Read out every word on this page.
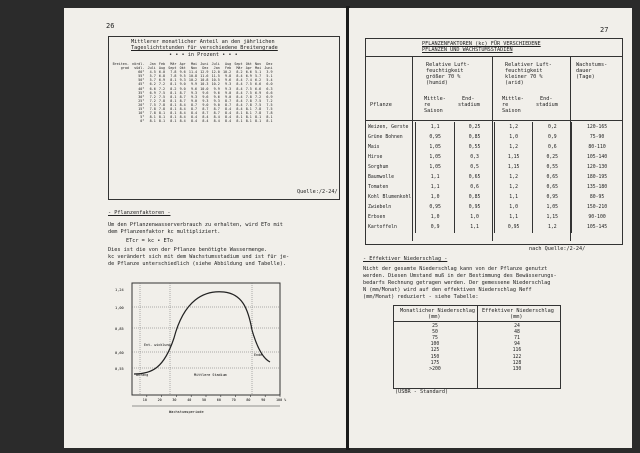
26
Mittlerer monatlicher Anteil an den jährlichen
Tageslichtstunden für verschiedene Breitengrade
• • • in Prozent • • •
Breiten-	nördl.	Jan	Feb	Mär	Apr	Mai	Juni	Juli	Aug	Sept	Okt	Nov	Dez
grad	südl.	Juli	Aug	Sept	Okt	Nov	Dez	Jan	Feb	Mär	Apr	Mai	Juni
	60°	4.5	6.0	7.8	9.6	11.4	12.9	12.0	10.2	8.2	6.6	5.1	3.9
	55°	5.7	6.8	7.8	9.5	10.8	11.6	11.5	9.8	8.4	6.9	5.7	5.1
	50°	5.7	6.9	8.1	9.3	10.2	10.8	10.5	9.6	8.4	7.4	6.2	5.4
	45°	6.2	7.2	8.1	9.0	9.9	10.3	10.2	9.3	8.4	7.5	6.6	6.0
	40°	6.6	7.2	8.2	9.0	9.6	10.0	9.9	9.3	8.4	7.5	6.6	6.3
	35°	6.9	7.5	8.1	8.7	9.3	9.6	9.6	9.0	8.4	7.5	6.9	6.6
	30°	7.2	7.5	8.1	8.7	9.3	9.6	9.6	9.0	8.4	7.8	7.2	6.9
	25°	7.2	7.8	8.1	8.7	9.0	9.3	9.3	8.7	8.4	7.8	7.5	7.2
	20°	7.5	7.8	8.1	8.4	8.7	9.0	9.0	8.7	8.4	7.8	7.5	7.5
	15°	7.8	7.8	8.1	8.4	8.7	8.7	8.7	8.4	8.4	8.1	7.8	7.5
	10°	7.8	8.1	8.1	8.4	8.4	8.7	8.7	8.4	8.1	8.1	7.8	7.8
	5°	8.1	8.1	8.1	8.4	8.4	8.4	8.4	8.4	8.1	8.1	8.1	8.1
	0°	8.1	8.1	8.1	8.4	8.4	8.4	8.4	8.4	8.1	8.1	8.1	8.1
Quelle:/2-24/
- Pflanzenfaktoren -
Um den Pflanzenwasserverbrauch zu erhalten, wird ETo mit
dem Pflanzenfaktor kc multipliziert.
ETcr = kc • ETo
Dies ist die von der Pflanze benötigte Wassermenge.
kc verändert sich mit dem Wachstumsstadium und ist für je-
de Pflanze unterschiedlich (siehe Abbildung und Tabelle).
1,24
1,00
0,85
0,60
0,55
Ent- wicklung
Anfang	Mittlere Stadium
Ende
10	20	30	40	50	60	70	80	90	100 %
Wachstumsperiode
27
PFLANZENFAKTOREN (kc) FÜR VERSCHIEDENE
PFLANZEN UND WACHSTUMSSTADIEN
Relative Luft-
feuchtigkeit
größer 70 %
(humid)
Relativer Luft-
feuchtigkeit
kleiner 70 %
(arid)
Wachstums-
dauer
(Tage)
Pflanze
Mittle-
re
Saison
End-
stadium
Mittle-
re
Saison
End-
stadium
Weizen, Gerste	1,1	0,25	1,2	0,2	120-165
Grüne Bohnen	0,95	0,85	1,0	0,9	75-90
Mais	1,05	0,55	1,2	0,6	80-110
Hirse	1,05	0,3	1,15	0,25	105-140
Sorghum	1,05	0,5	1,15	0,55	120-130
Baumwolle	1,1	0,65	1,2	0,65	180-195
Tomaten	1,1	0,6	1,2	0,65	135-180
Kohl Blumenkohl	1,0	0,85	1,1	0,95	80-95
Zwiebeln	0,95	0,95	1,0	1,05	150-210
Erbsen	1,0	1,0	1,1	1,15	90-100
Kartoffeln	0,9	1,1	0,95	1,2	105-145
nach Quelle:/2-24/
- Effektiver Niederschlag -
Nicht der gesamte Niederschlag kann von der Pflanze genutzt
werden. Diesen Umstand muß in der Bestimmung des Bewässerungs-
bedarfs Rechnung getragen werden. Der gemessene Niederschlag
N (mm/Monat) wird auf den effektiven Niederschlag Neff
(mm/Monat) reduziert - siehe Tabelle:
Monatlicher Niederschlag
(mm)
Effektiver Niederschlag
(mm)
25	24
50	48
75	71
100	94
125	116
150	122
175	128
>200	130
(USBR - Standard)
